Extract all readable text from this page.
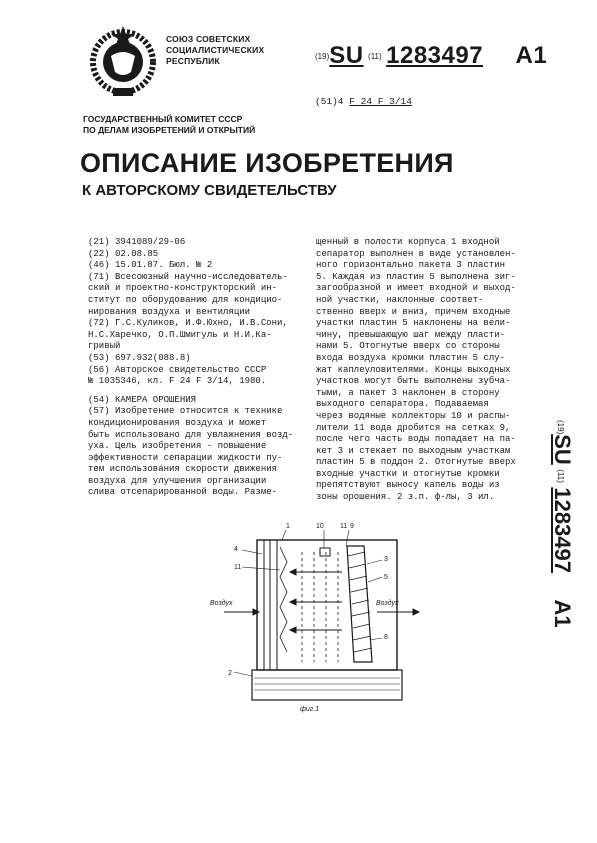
СОЮЗ СОВЕТСКИХ
СОЦИАЛИСТИЧЕСКИХ
РЕСПУБЛИК	$^{(19)}$SU $^{(11)}$ 1283497 A1
(51)4 F 24 F 3/14
ГОСУДАРСТВЕННЫЙ КОМИТЕТ СССР
ПО ДЕЛАМ ИЗОБРЕТЕНИЙ И ОТКРЫТИЙ
ОПИСАНИЕ ИЗОБРЕТЕНИЯ
К АВТОРСКОМУ СВИДЕТЕЛЬСТВУ
(21) 3941089/29-06
(22) 02.08.85
(46) 15.01.87. Бюл. № 2
(71) Всесоюзный научно-исследователь-
ский и проектно-конструкторский ин-
ститут по оборудованию для кондицио-
нирования воздуха и вентиляции
(72) Г.С.Куликов, И.Ф.Юхно, И.В.Сони,
Н.С.Харечко, О.П.Шмигуль и Н.И.Ка-
гривый
(53) 697.932(088.8)
(56) Авторское свидетельство СССР
№ 1035346, кл. F 24 F 3/14, 1980.
(54) КАМЕРА ОРОШЕНИЯ
(57) Изобретение относится к технике
кондиционирования воздуха и может
быть использовано для увлажнения возд-
уха. Цель изобретения - повышение
эффективности сепарации жидкости пу-
тем использования скорости движения
воздуха для улучшения организации
слива отсепарированной воды. Разме-
щенный в полости корпуса 1 входной
сепаратор выполнен в виде установлен-
ного горизонтально пакета 3 пластин
5. Каждая из пластин 5 выполнена зиг-
загообразной и имеет входной и выход-
ной участки, наклонные соответ-
ственно вверх и вниз, причем входные
участки пластин 5 наклонены на вели-
чину, превышающую шаг между пласти-
нами 5. Отогнутые вверх со стороны
входа воздуха кромки пластин 5 слу-
жат каплеуловителями. Концы выходных
участков могут быть выполнены зубча-
тыми, а пакет 3 наклонен в сторону
выходного сепаратора. Подаваемая
через водяные коллекторы 10 и распы-
лители 11 вода дробится на сетках 9,
после чего часть воды попадает на па-
кет 3 и стекает по выходным участкам
пластин 5 в поддон 2. Отогнутые вверх
входные участки и отогнутые кромки
препятствуют выносу капель воды из
зоны орошения. 2 з.п. ф-лы, 3 ил.
(19)SU (11) 1283497 A1
1	10 11 9
4
11
3
5
8
2
Воздух	Воздух
фиг.1
